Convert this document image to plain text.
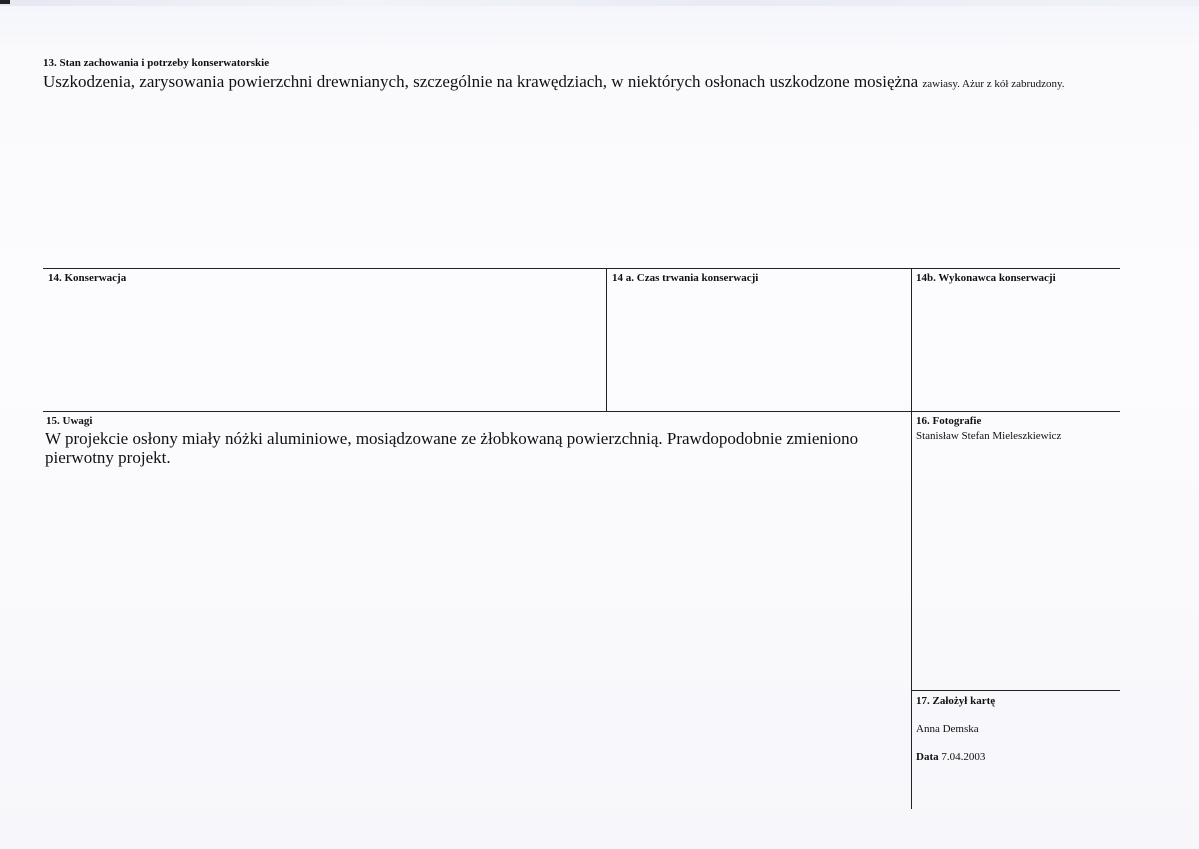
13. Stan zachowania i potrzeby konserwatorskie
Uszkodzenia, zarysowania powierzchni drewnianych, szczególnie na krawędziach, w niektórych osłonach uszkodzone mosiężna zawiasy. Ażur z kół zabrudzony.
14. Konserwacja	14 a. Czas trwania konserwacji	14b. Wykonawca konserwacji
15. Uwagi
W projekcie osłony miały nóżki aluminiowe, mosiądzowane ze żłobkowaną powierzchnią. Prawdopodobnie zmieniono
pierwotny projekt.
16. Fotografie
Stanisław Stefan Mieleszkiewicz
17. Założył kartę
Anna Demska
Data 7.04.2003
